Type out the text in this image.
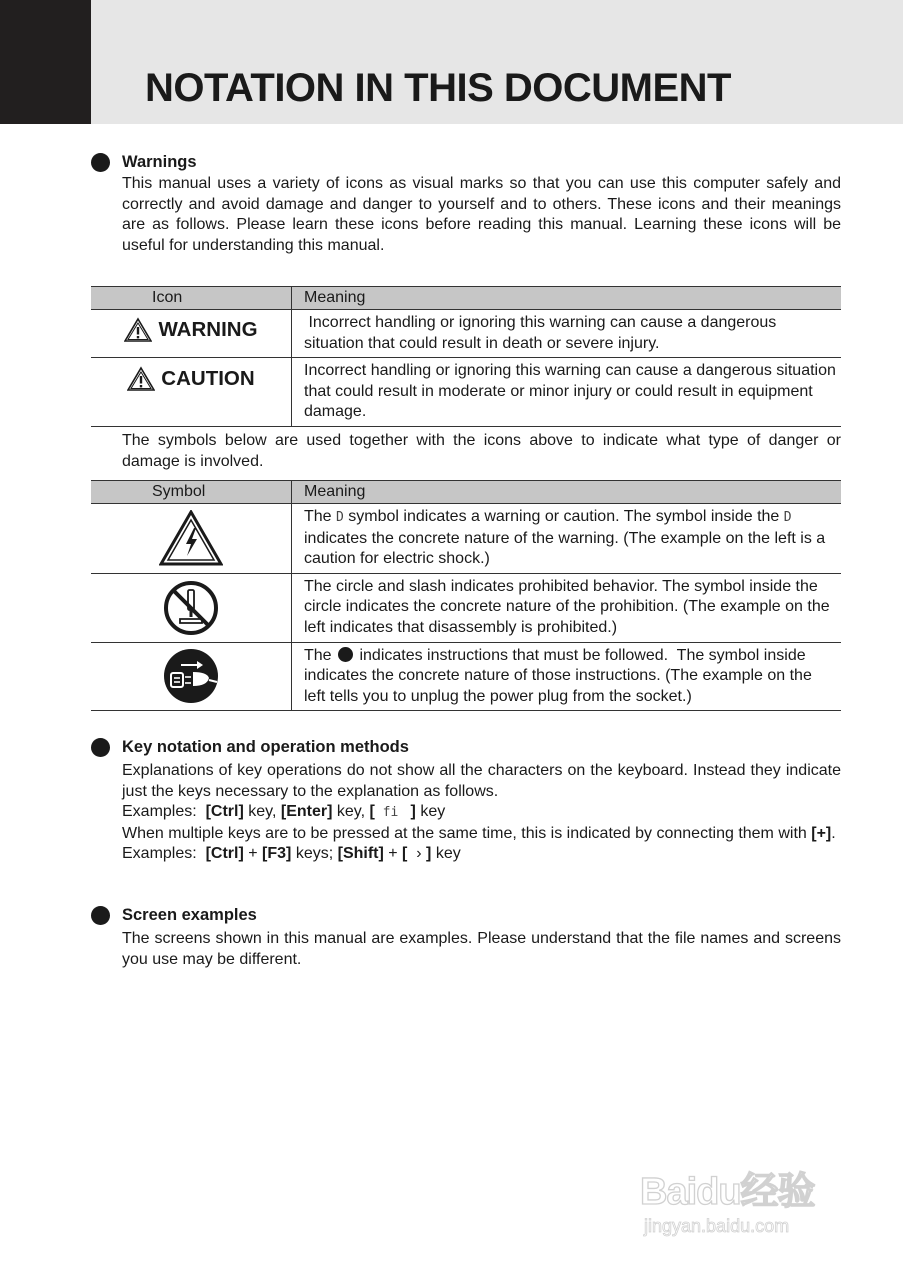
NOTATION IN THIS DOCUMENT
Warnings

This manual uses a variety of icons as visual marks so that you can use this computer safely and correctly and avoid damage and danger to yourself and to others. These icons and their meanings are as follows. Please learn these icons before reading this manual. Learning these icons will be useful for understanding this manual.

Icon	Meaning

WARNING	Incorrect handling or ignoring this warning can cause a dangerous situation that could result in death or severe injury.

CAUTION	Incorrect handling or ignoring this warning can cause a dangerous situation that could result in moderate or minor injury or could result in equipment damage.

The symbols below are used together with the icons above to indicate what type of danger or damage is involved.

Symbol	Meaning
	The D symbol indicates a warning or caution. The symbol inside the D indicates the concrete nature of the warning. (The example on the left is a caution for electric shock.)
	The circle and slash indicates prohibited behavior. The symbol inside the circle indicates the concrete nature of the prohibition. (The example on the left indicates that disassembly is prohibited.)
	The  indicates instructions that must be followed.  The symbol inside indicates the concrete nature of those instructions. (The example on the left tells you to unplug the power plug from the socket.)
Key notation and operation methods
Explanations of key operations do not show all the characters on the keyboard. Instead they indicate just the keys necessary to the explanation as follows.
Examples:  [Ctrl] key, [Enter] key, [ fi  ] key
When multiple keys are to be pressed at the same time, this is indicated by connecting them with [+].
Examples:  [Ctrl] + [F3] keys; [Shift] + [  › ] key
Screen examples

The screens shown in this manual are examples. Please understand that the file names and screens you use may be different.

Baidu经验
jingyan.baidu.com
